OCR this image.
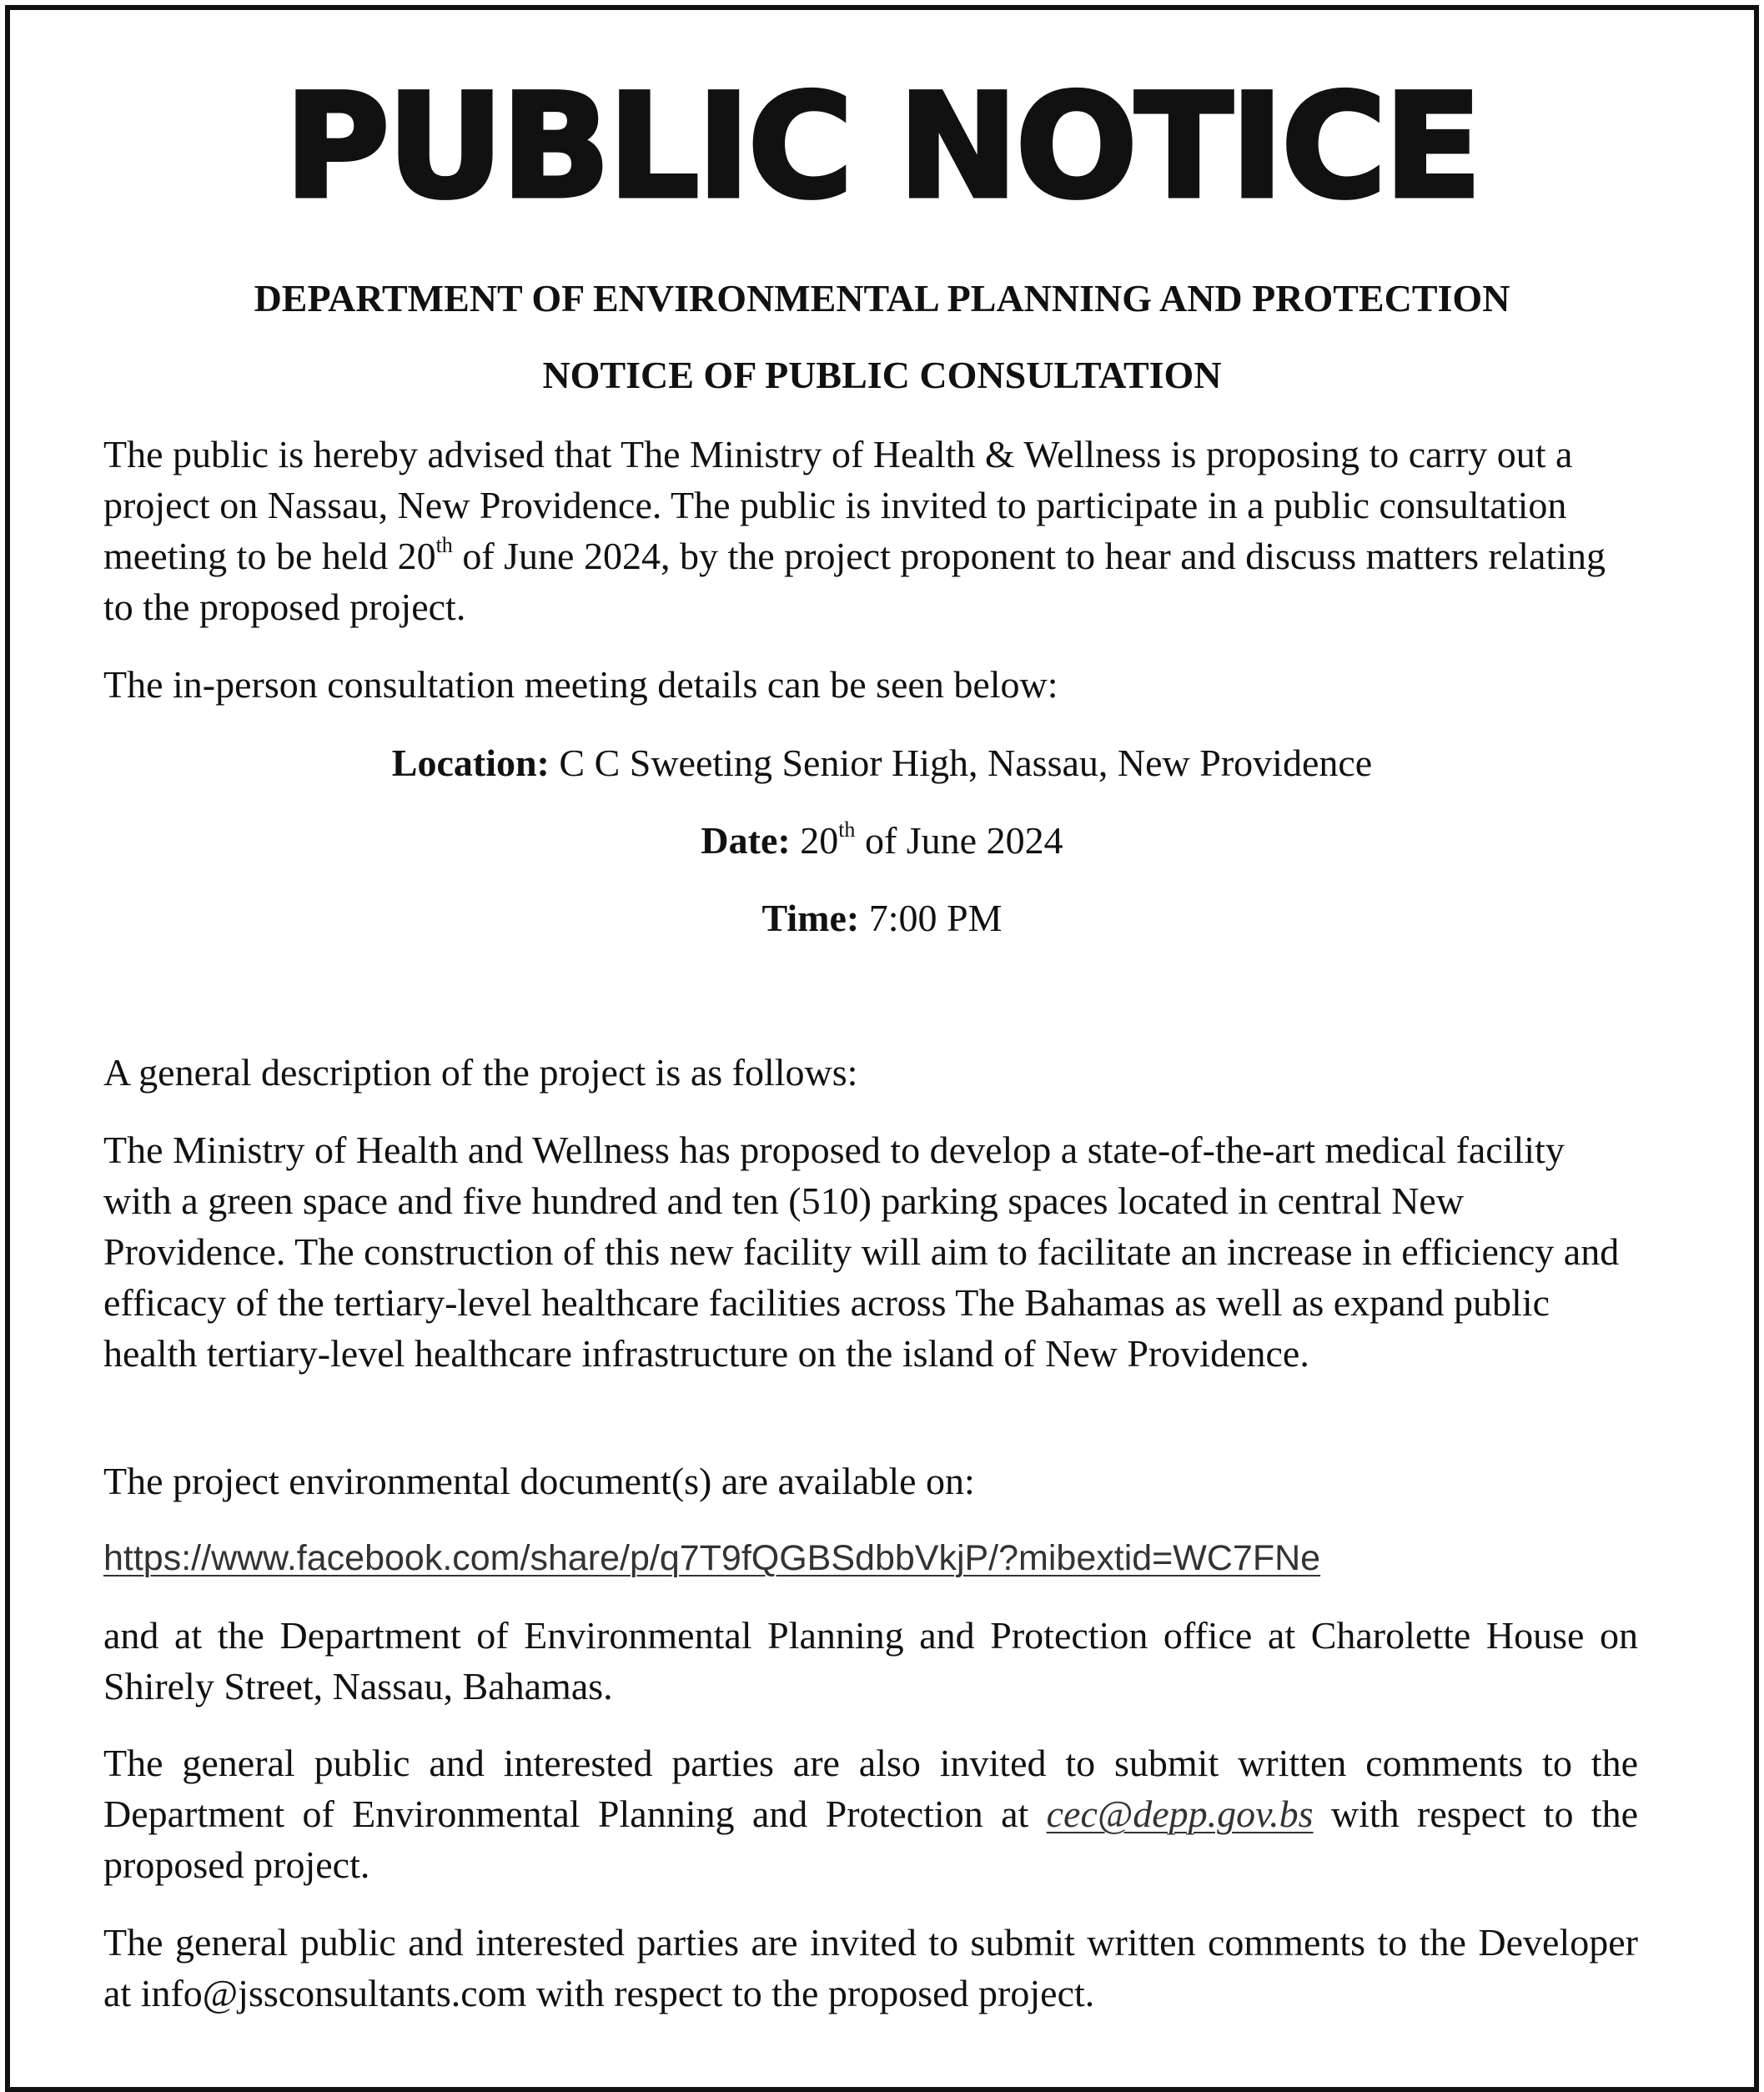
PUBLIC NOTICE
DEPARTMENT OF ENVIRONMENTAL PLANNING AND PROTECTION
NOTICE OF PUBLIC CONSULTATION

The public is hereby advised that The Ministry of Health & Wellness is proposing to carry out a project on Nassau, New Providence. The public is invited to participate in a public consultation meeting to be held 20th of June 2024, by the project proponent to hear and discuss matters relating to the proposed project.

The in-person consultation meeting details can be seen below:

Location: C C Sweeting Senior High, Nassau, New Providence

Date: 20th of June 2024

Time: 7:00 PM

A general description of the project is as follows:

The Ministry of Health and Wellness has proposed to develop a state-of-the-art medical facility with a green space and five hundred and ten (510) parking spaces located in central New Providence. The construction of this new facility will aim to facilitate an increase in efficiency and efficacy of the tertiary-level healthcare facilities across The Bahamas as well as expand public health tertiary-level healthcare infrastructure on the island of New Providence.

The project environmental document(s) are available on:

https://www.facebook.com/share/p/q7T9fQGBSdbbVkjP/?mibextid=WC7FNe

and at the Department of Environmental Planning and Protection office at Charolette House on Shirely Street, Nassau, Bahamas.

The general public and interested parties are also invited to submit written comments to the Department of Environmental Planning and Protection at cec@depp.gov.bs with respect to the proposed project.

The general public and interested parties are invited to submit written comments to the Developer at info@jssconsultants.com with respect to the proposed project.
